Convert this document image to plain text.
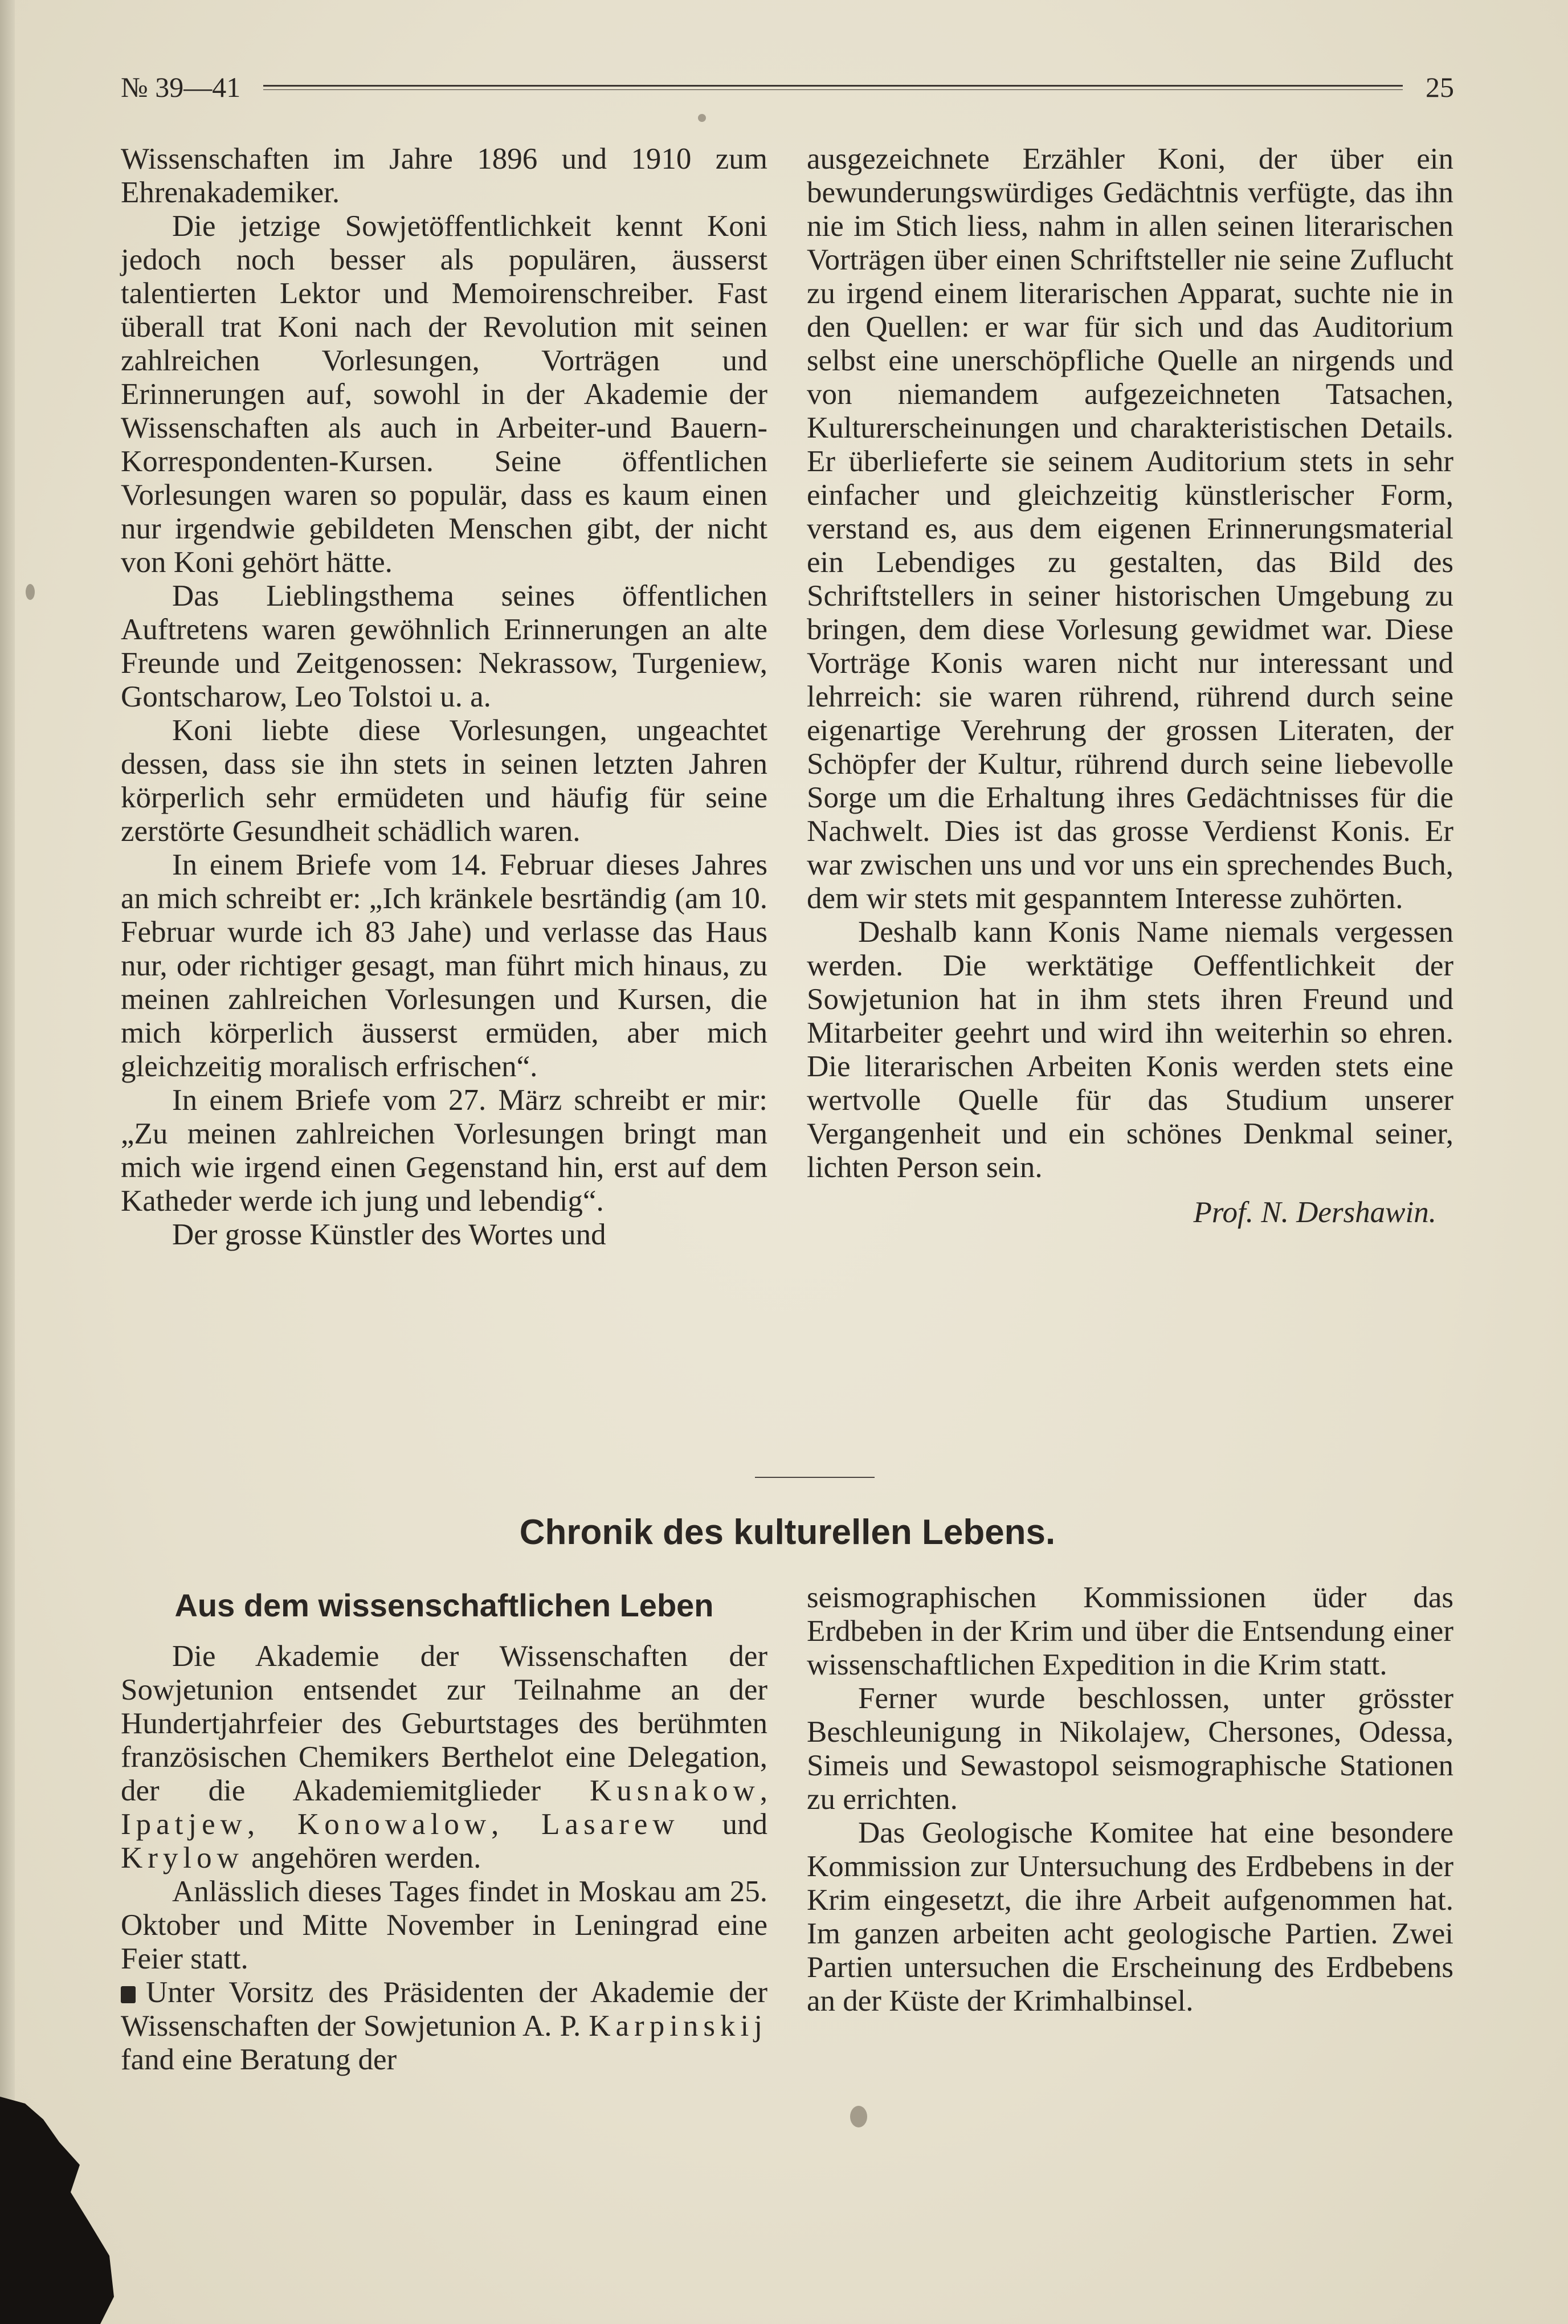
№ 39—41	25

Wissenschaften im Jahre 1896 und 1910 zum Ehrenakademiker.

Die jetzige Sowjetöffentlichkeit kennt Koni jedoch noch besser als populären, äusserst talentierten Lektor und Memoirenschreiber. Fast überall trat Koni nach der Revolution mit seinen zahlreichen Vorlesungen, Vorträgen und Erinnerungen auf, sowohl in der Akademie der Wissenschaften als auch in Arbeiter-und Bauern-Korrespondenten-Kursen. Seine öffentlichen Vorlesungen waren so populär, dass es kaum einen nur irgendwie gebildeten Menschen gibt, der nicht von Koni gehört hätte.

Das Lieblingsthema seines öffentlichen Auftretens waren gewöhnlich Erinnerungen an alte Freunde und Zeitgenossen: Nekrassow, Turgeniew, Gontscharow, Leo Tolstoi u. a.

Koni liebte diese Vorlesungen, ungeachtet dessen, dass sie ihn stets in seinen letzten Jahren körperlich sehr ermüdeten und häufig für seine zerstörte Gesundheit schädlich waren.

In einem Briefe vom 14. Februar dieses Jahres an mich schreibt er: „Ich kränkele besrtändig (am 10. Februar wurde ich 83 Jahe) und verlasse das Haus nur, oder richtiger gesagt, man führt mich hinaus, zu meinen zahlreichen Vorlesungen und Kursen, die mich körperlich äusserst ermüden, aber mich gleichzeitig moralisch erfrischen“.

In einem Briefe vom 27. März schreibt er mir: „Zu meinen zahlreichen Vorlesungen bringt man mich wie irgend einen Gegenstand hin, erst auf dem Katheder werde ich jung und lebendig“.

Der grosse Künstler des Wortes und

ausgezeichnete Erzähler Koni, der über ein bewunderungswürdiges Gedächtnis verfügte, das ihn nie im Stich liess, nahm in allen seinen literarischen Vorträgen über einen Schriftsteller nie seine Zuflucht zu irgend einem literarischen Apparat, suchte nie in den Quellen: er war für sich und das Auditorium selbst eine unerschöpfliche Quelle an nirgends und von niemandem aufgezeichneten Tatsachen, Kulturerscheinungen und charakteristischen Details. Er überlieferte sie seinem Auditorium stets in sehr einfacher und gleichzeitig künstlerischer Form, verstand es, aus dem eigenen Erinnerungsmaterial ein Lebendiges zu gestalten, das Bild des Schriftstellers in seiner historischen Umgebung zu bringen, dem diese Vorlesung gewidmet war. Diese Vorträge Konis waren nicht nur interessant und lehrreich: sie waren rührend, rührend durch seine eigenartige Verehrung der grossen Literaten, der Schöpfer der Kultur, rührend durch seine liebevolle Sorge um die Erhaltung ihres Gedächtnisses für die Nachwelt. Dies ist das grosse Verdienst Konis. Er war zwischen uns und vor uns ein sprechendes Buch, dem wir stets mit gespanntem Interesse zuhörten.

Deshalb kann Konis Name niemals vergessen werden. Die werktätige Oeffentlichkeit der Sowjetunion hat in ihm stets ihren Freund und Mitarbeiter geehrt und wird ihn weiterhin so ehren. Die literarischen Arbeiten Konis werden stets eine wertvolle Quelle für das Studium unserer Vergangenheit und ein schönes Denkmal seiner, lichten Person sein.

Prof. N. Dershawin.

Chronik des kulturellen Lebens.
Aus dem wissenschaftlichen Leben

Die Akademie der Wissenschaften der Sowjetunion entsendet zur Teilnahme an der Hundertjahrfeier des Geburtstages des berühmten französischen Chemikers Berthelot eine Delegation, der die Akademiemitglieder Kusnakow, Ipatjew, Konowalow, Lasarew und Krylow angehören werden.

Anlässlich dieses Tages findet in Moskau am 25. Oktober und Mitte November in Leningrad eine Feier statt.

Unter Vorsitz des Präsidenten der Akademie der Wissenschaften der Sowjetunion A. P. Karpinskij fand eine Beratung der

seismographischen Kommissionen üder das Erdbeben in der Krim und über die Entsendung einer wissenschaftlichen Expedition in die Krim statt.

Ferner wurde beschlossen, unter grösster Beschleunigung in Nikolajew, Chersones, Odessa, Simeis und Sewastopol seismographische Stationen zu errichten.

Das Geologische Komitee hat eine besondere Kommission zur Untersuchung des Erdbebens in der Krim eingesetzt, die ihre Arbeit aufgenommen hat. Im ganzen arbeiten acht geologische Partien. Zwei Partien untersuchen die Erscheinung des Erdbebens an der Küste der Krimhalbinsel.
